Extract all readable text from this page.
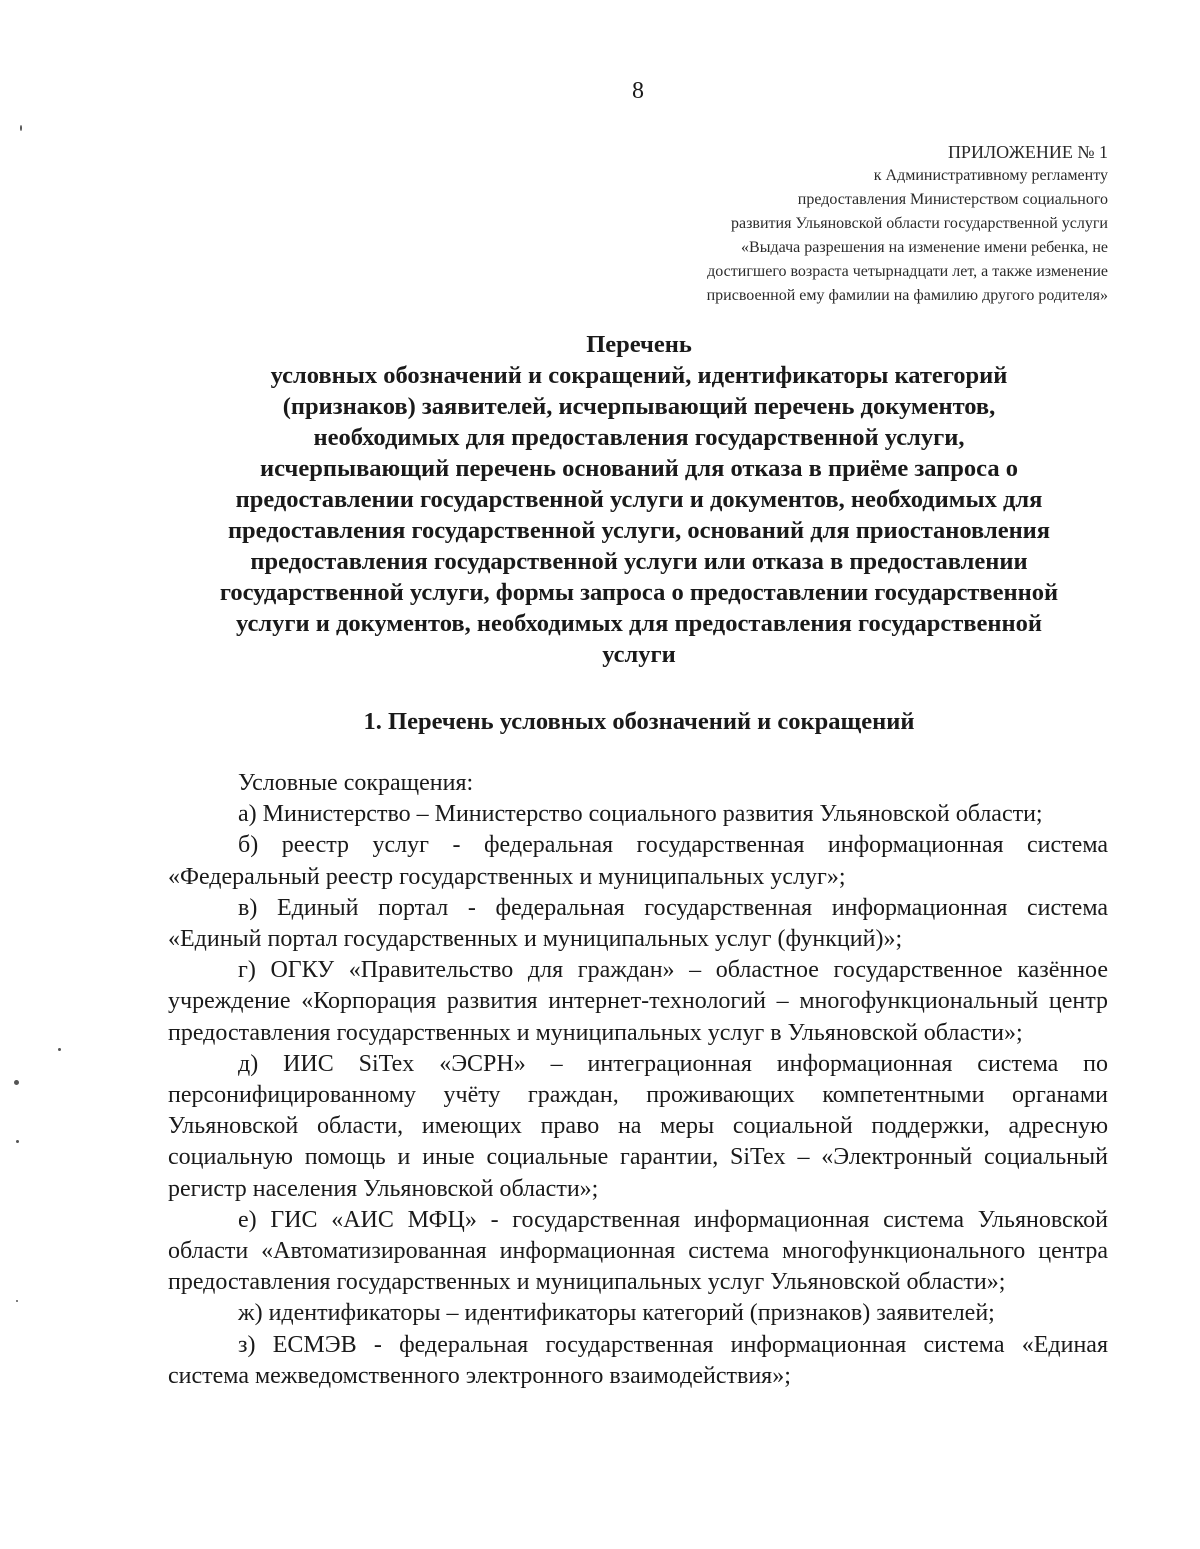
8
ПРИЛОЖЕНИЕ № 1
к Административному регламенту
предоставления Министерством социального
развития Ульяновской области государственной услуги
«Выдача разрешения на изменение имени ребенка, не
достигшего возраста четырнадцати лет, а также изменение
присвоенной ему фамилии на фамилию другого родителя»
Перечень
условных обозначений и сокращений, идентификаторы категорий
(признаков) заявителей, исчерпывающий перечень документов,
необходимых для предоставления государственной услуги,
исчерпывающий перечень оснований для отказа в приёме запроса о
предоставлении государственной услуги и документов, необходимых для
предоставления государственной услуги, оснований для приостановления
предоставления государственной услуги или отказа в предоставлении
государственной услуги, формы запроса о предоставлении государственной
услуги и документов, необходимых для предоставления государственной
услуги
1. Перечень условных обозначений и сокращений

Условные сокращения:

а) Министерство – Министерство социального развития Ульяновской области;

б) реестр услуг - федеральная государственная информационная система «Федеральный реестр государственных и муниципальных услуг»;

в) Единый портал - федеральная государственная информационная система «Единый портал государственных и муниципальных услуг (функций)»;

г) ОГКУ «Правительство для граждан» – областное государственное казённое учреждение «Корпорация развития интернет-технологий – многофункциональный центр предоставления государственных и муниципальных услуг в Ульяновской области»;

д) ИИС SiTex «ЭСРН» – интеграционная информационная система по персонифицированному учёту граждан, проживающих компетентными органами Ульяновской области, имеющих право на меры социальной поддержки, адресную социальную помощь и иные социальные гарантии, SiTex – «Электронный социальный регистр населения Ульяновской области»;

е) ГИС «АИС МФЦ» - государственная информационная система Ульяновской области «Автоматизированная информационная система многофункционального центра предоставления государственных и муниципальных услуг Ульяновской области»;

ж) идентификаторы – идентификаторы категорий (признаков) заявителей;

з) ЕСМЭВ - федеральная государственная информационная система «Единая система межведомственного электронного взаимодействия»;
